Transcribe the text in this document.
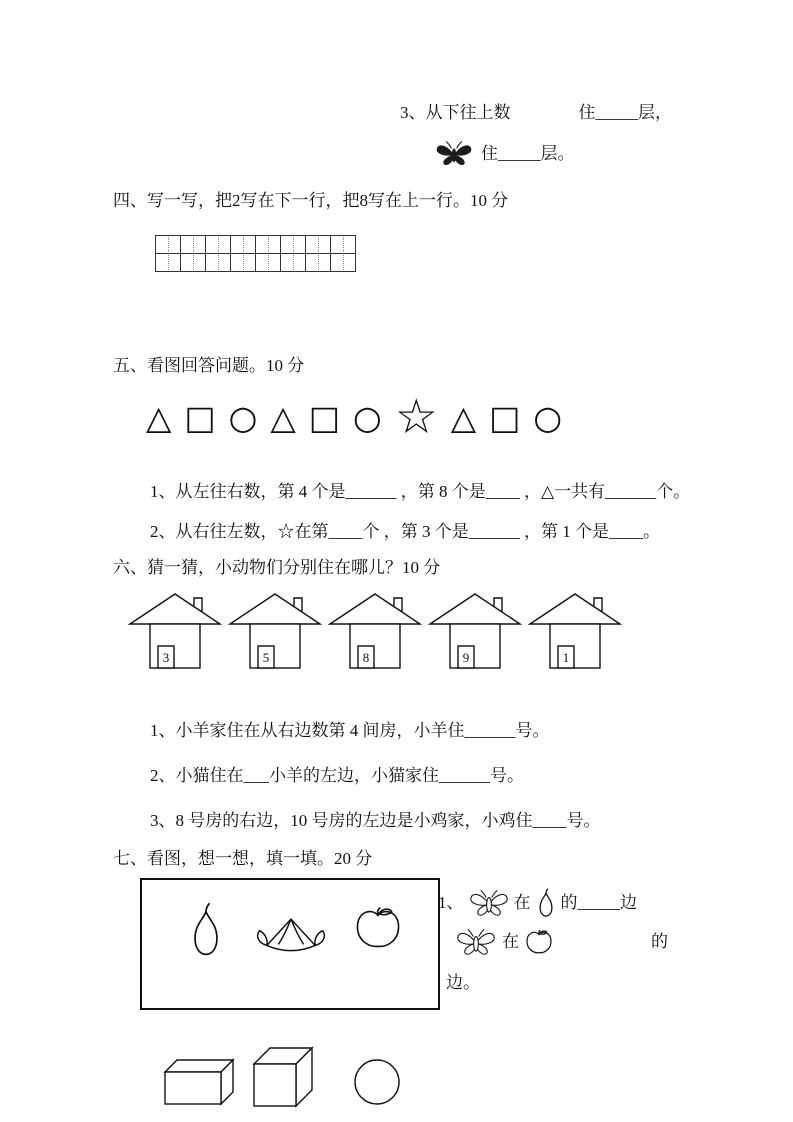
3、从下往上数　　　　住_____层，
住_____层。
四、写一写，把2写在下一行，把8写在上一行。10 分
五、看图回答问题。10 分
△ □ ○ △ □ ○ ☆ △ □ ○
1、从左往右数，第 4 个是______ ，第 8 个是____ ，△一共有______个。
2、从右往左数，☆在第____个 ，第 3 个是______ ，第 1 个是____。
六、猜一猜，小动物们分别住在哪儿？10 分
3	5	8	9	1
1、小羊家住在从右边数第 4 间房，小羊住______号。
2、小猫住在___小羊的左边，小猫家住______号。
3、8 号房的右边，10 号房的左边是小鸡家，小鸡住____号。
七、看图，想一想，填一填。20 分
1、	在 的_____边
在	的
边。
